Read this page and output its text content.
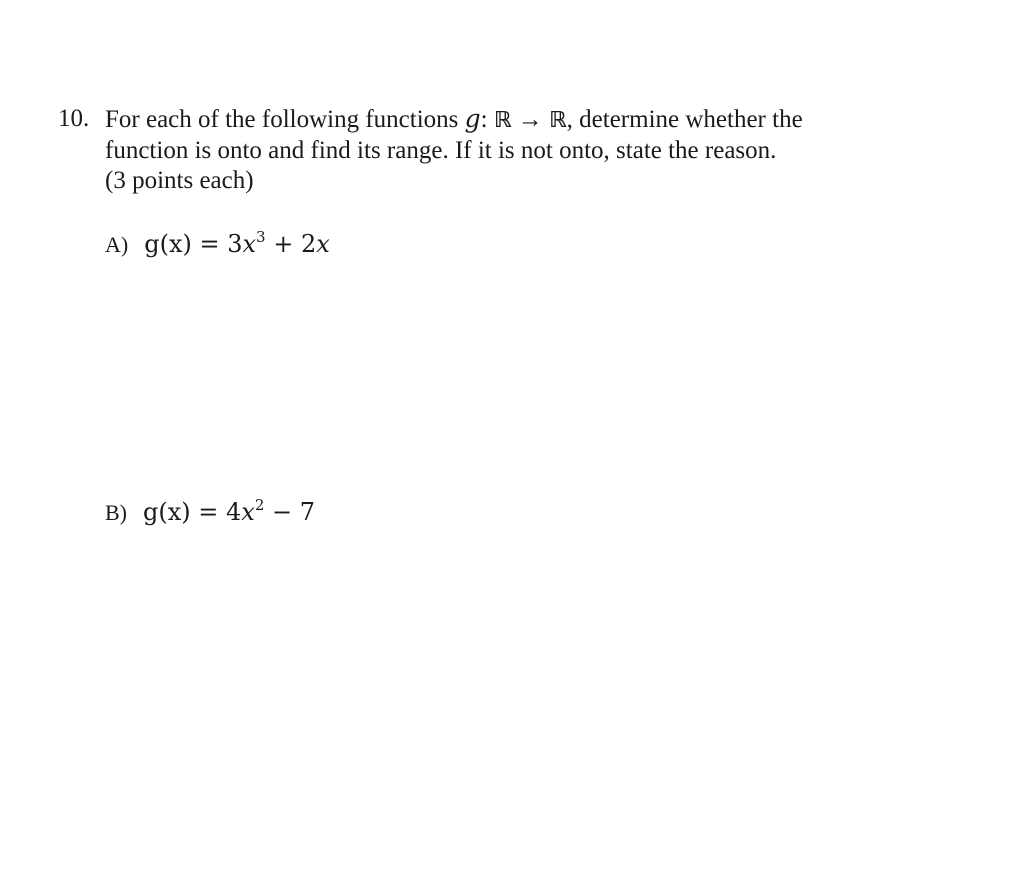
10. For each of the following functions g: ℝ → ℝ, determine whether the
function is onto and find its range. If it is not onto, state the reason.
(3 points each)
A) $g(x) = 3x^3 + 2x$
B) $g(x) = 4x^2 - 7$
